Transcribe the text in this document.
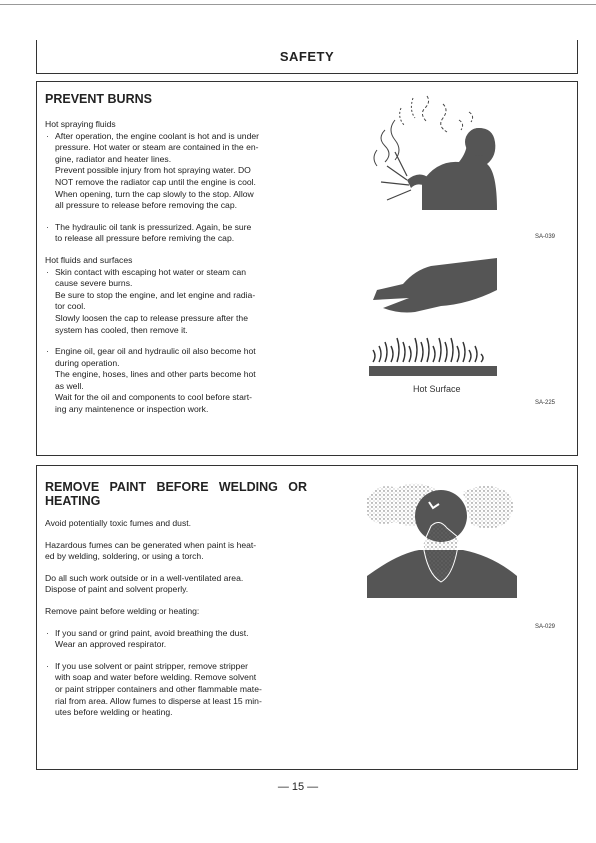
SAFETY
PREVENT BURNS

Hot spraying fluids

· After operation, the engine coolant is hot and is under

pressure. Hot water or steam are contained in the en-

gine, radiator and heater lines.

Prevent possible injury from hot spraying water. DO

NOT remove the radiator cap until the engine is cool.

When opening, turn the cap slowly to the stop. Allow

all pressure to release before removing the cap.

· The hydraulic oil tank is pressurized. Again, be sure

to release all pressure before remiving the cap.

Hot fluids and surfaces

· Skin contact with escaping hot water or steam can

cause severe burns.

Be sure to stop the engine, and let engine and radia-

tor cool.

Slowly loosen the cap to release pressure after the

system has cooled, then remove it.

· Engine oil, gear oil and hydraulic oil also become hot

during operation.

The engine, hoses, lines and other parts become hot

as well.

Wait for the oil and components to cool before start-

ing any maintenence or inspection work.

SA-039
Hot Surface
SA-225
REMOVE PAINT BEFORE WELDING OR
HEATING

Avoid potentially toxic fumes and dust.

Hazardous fumes can be generated when paint is heat-

ed by welding, soldering, or using a torch.

Do all such work outside or in a well-ventilated area.

Dispose of paint and solvent properly.

Remove paint before welding or heating:

· If you sand or grind paint, avoid breathing the dust.

Wear an approved respirator.

· If you use solvent or paint stripper, remove stripper

with soap and water before welding. Remove solvent

or paint stripper containers and other flammable mate-

rial from area. Allow fumes to disperse at least 15 min-

utes before welding or heating.

SA-029
— 15 —
